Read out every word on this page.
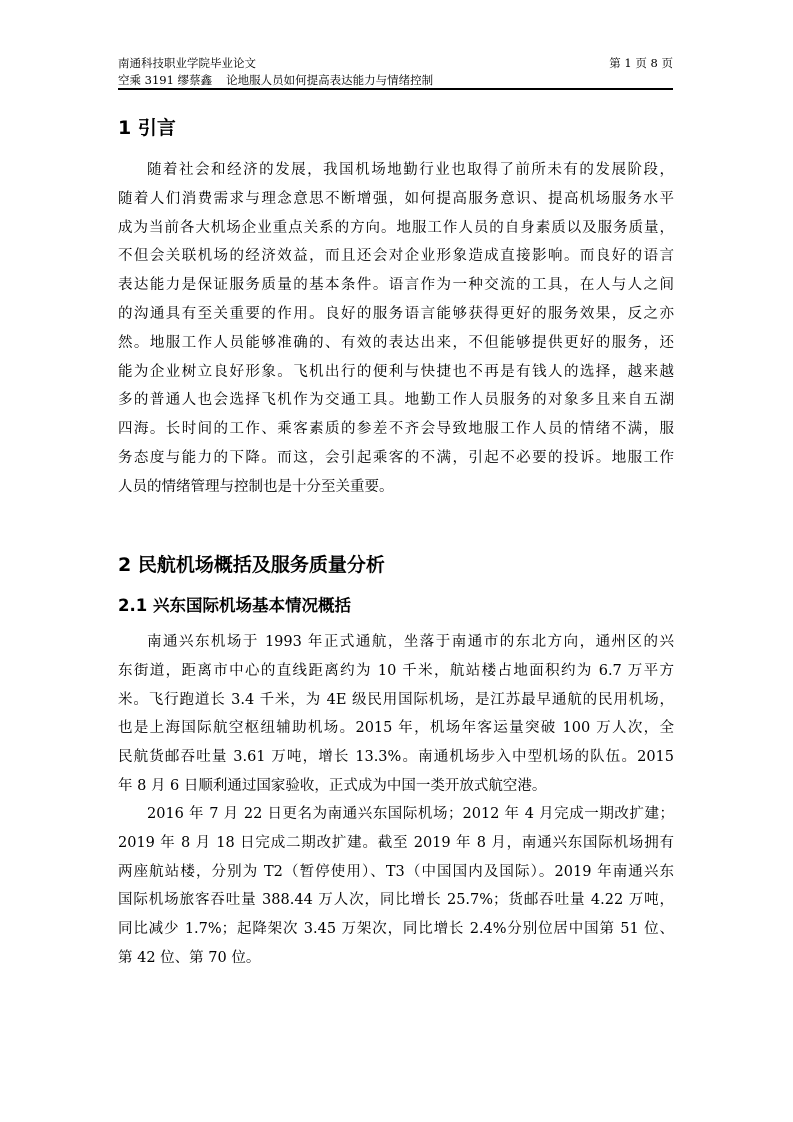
南通科技职业学院毕业论文
空乘 3191 缪蔡鑫 论地服人员如何提高表达能力与情绪控制
第 1 页 8 页
1 引言
随着社会和经济的发展，我国机场地勤行业也取得了前所未有的发展阶段，
随着人们消费需求与理念意思不断增强，如何提高服务意识、提高机场服务水平
成为当前各大机场企业重点关系的方向。地服工作人员的自身素质以及服务质量，
不但会关联机场的经济效益，而且还会对企业形象造成直接影响。而良好的语言
表达能力是保证服务质量的基本条件。语言作为一种交流的工具，在人与人之间
的沟通具有至关重要的作用。良好的服务语言能够获得更好的服务效果，反之亦
然。地服工作人员能够准确的、有效的表达出来，不但能够提供更好的服务，还
能为企业树立良好形象。飞机出行的便利与快捷也不再是有钱人的选择，越来越
多的普通人也会选择飞机作为交通工具。地勤工作人员服务的对象多且来自五湖
四海。长时间的工作、乘客素质的参差不齐会导致地服工作人员的情绪不满，服
务态度与能力的下降。而这，会引起乘客的不满，引起不必要的投诉。地服工作
人员的情绪管理与控制也是十分至关重要。
2 民航机场概括及服务质量分析
2.1 兴东国际机场基本情况概括
南通兴东机场于 1993 年正式通航，坐落于南通市的东北方向，通州区的兴
东街道，距离市中心的直线距离约为 10 千米，航站楼占地面积约为 6.7 万平方
米。飞行跑道长 3.4 千米，为 4E 级民用国际机场，是江苏最早通航的民用机场，
也是上海国际航空枢纽辅助机场。2015 年，机场年客运量突破 100 万人次，全
民航货邮吞吐量 3.61 万吨，增长 13.3%。南通机场步入中型机场的队伍。2015
年 8 月 6 日顺利通过国家验收，正式成为中国一类开放式航空港。
2016 年 7 月 22 日更名为南通兴东国际机场；2012 年 4 月完成一期改扩建；
2019 年 8 月 18 日完成二期改扩建。截至 2019 年 8 月，南通兴东国际机场拥有
两座航站楼，分别为 T2（暂停使用）、T3（中国国内及国际）。2019 年南通兴东
国际机场旅客吞吐量 388.44 万人次，同比增长 25.7%；货邮吞吐量 4.22 万吨，
同比减少 1.7%；起降架次 3.45 万架次，同比增长 2.4%分别位居中国第 51 位、
第 42 位、第 70 位。
